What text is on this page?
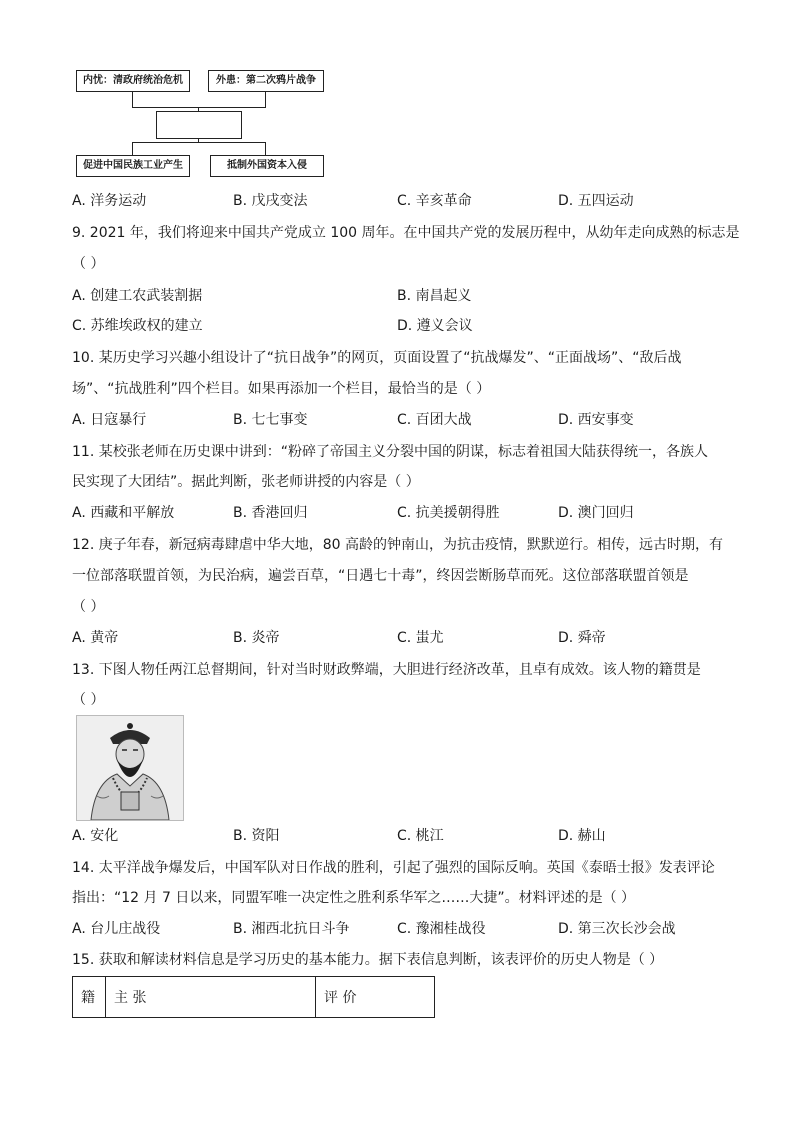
内忧：清政府统治危机	外患：第二次鸦片战争
促进中国民族工业产生	抵制外国资本入侵
A. 洋务运动	B. 戊戌变法	C. 辛亥革命	D. 五四运动
9. 2021 年，我们将迎来中国共产党成立 100 周年。在中国共产党的发展历程中，从幼年走向成熟的标志是
（ ）
A. 创建工农武装割据	B. 南昌起义
C. 苏维埃政权的建立	D. 遵义会议
10. 某历史学习兴趣小组设计了“抗日战争”的网页，页面设置了“抗战爆发”、“正面战场”、“敌后战
场”、“抗战胜利”四个栏目。如果再添加一个栏目，最恰当的是（ ）
A. 日寇暴行	B. 七七事变	C. 百团大战	D. 西安事变
11. 某校张老师在历史课中讲到：“粉碎了帝国主义分裂中国的阴谋，标志着祖国大陆获得统一，各族人
民实现了大团结”。据此判断，张老师讲授的内容是（ ）
A. 西藏和平解放	B. 香港回归	C. 抗美援朝得胜	D. 澳门回归
12. 庚子年春，新冠病毒肆虐中华大地，80 高龄的钟南山，为抗击疫情，默默逆行。相传，远古时期，有
一位部落联盟首领，为民治病，遍尝百草，“日遇七十毒”，终因尝断肠草而死。这位部落联盟首领是
（ ）
A. 黄帝	B. 炎帝	C. 蚩尤	D. 舜帝
13. 下图人物任两江总督期间，针对当时财政弊端，大胆进行经济改革，且卓有成效。该人物的籍贯是
（ ）
A. 安化	B. 资阳	C. 桃江	D. 赫山
14. 太平洋战争爆发后，中国军队对日作战的胜利，引起了强烈的国际反响。英国《泰晤士报》发表评论
指出：“12 月 7 日以来，同盟军唯一决定性之胜利系华军之……大捷”。材料评述的是（ ）
A. 台儿庄战役	B. 湘西北抗日斗争	C. 豫湘桂战役	D. 第三次长沙会战
15. 获取和解读材料信息是学习历史的基本能力。据下表信息判断，该表评价的历史人物是（ ）
籍	主 张	评 价
